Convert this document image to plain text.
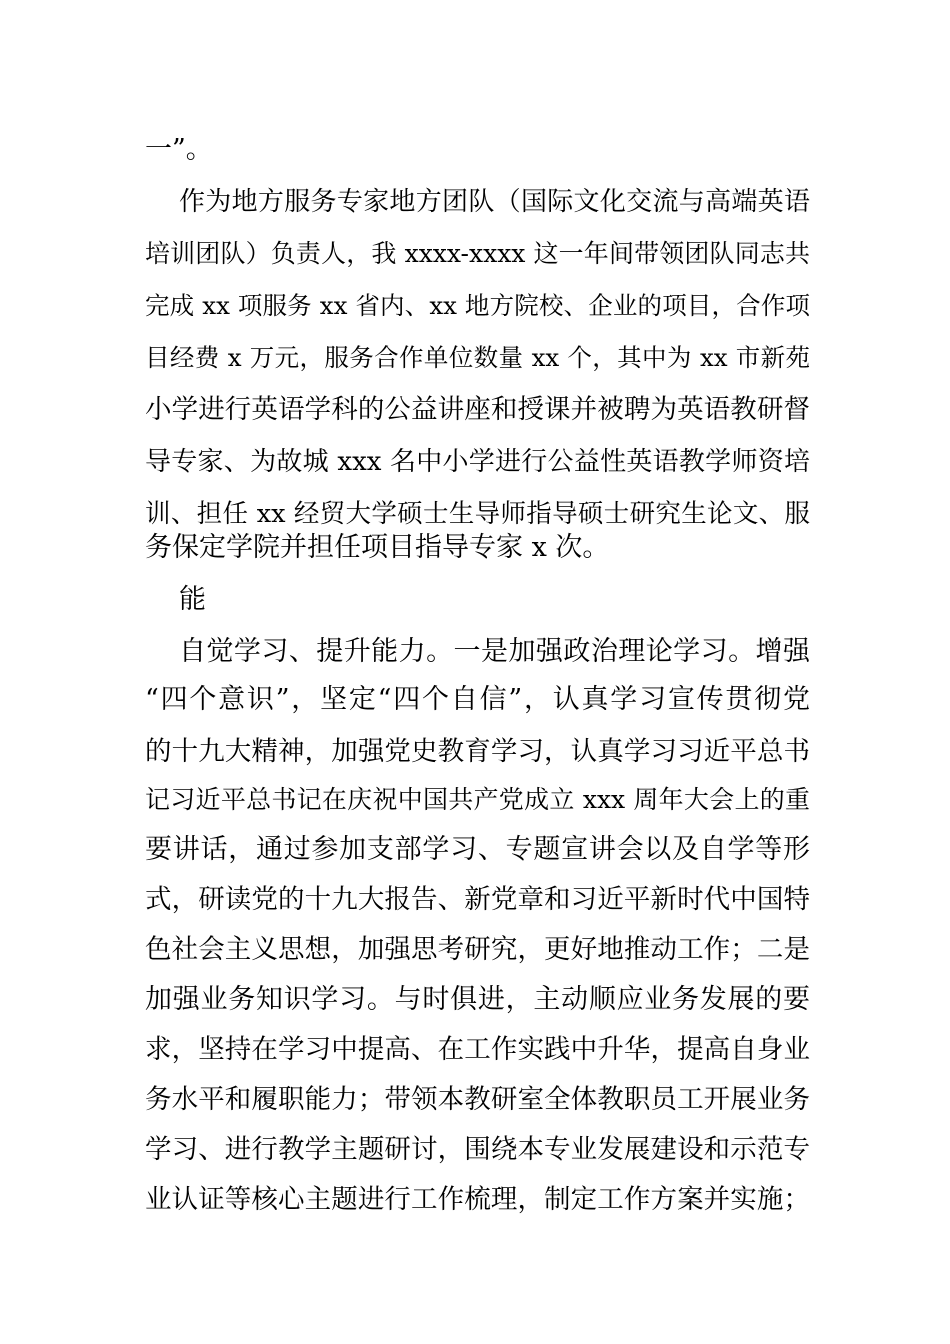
一”。
作为地方服务专家地方团队（国际文化交流与高端英语
培训团队）负责人，我 xxxx-xxxx 这一年间带领团队同志共
完成 xx 项服务 xx 省内、xx 地方院校、企业的项目，合作项
目经费 x 万元，服务合作单位数量 xx 个，其中为 xx 市新苑
小学进行英语学科的公益讲座和授课并被聘为英语教研督
导专家、为故城 xxx 名中小学进行公益性英语教学师资培
训、担任 xx 经贸大学硕士生导师指导硕士研究生论文、服
务保定学院并担任项目指导专家 x 次。
能
自觉学习、提升能力。一是加强政治理论学习。增强
“四个意识”，坚定“四个自信”，认真学习宣传贯彻党
的十九大精神，加强党史教育学习，认真学习习近平总书
记习近平总书记在庆祝中国共产党成立 xxx 周年大会上的重
要讲话，通过参加支部学习、专题宣讲会以及自学等形
式，研读党的十九大报告、新党章和习近平新时代中国特
色社会主义思想，加强思考研究，更好地推动工作；二是
加强业务知识学习。与时俱进，主动顺应业务发展的要
求，坚持在学习中提高、在工作实践中升华，提高自身业
务水平和履职能力；带领本教研室全体教职员工开展业务
学习、进行教学主题研讨，围绕本专业发展建设和示范专
业认证等核心主题进行工作梳理，制定工作方案并实施；
